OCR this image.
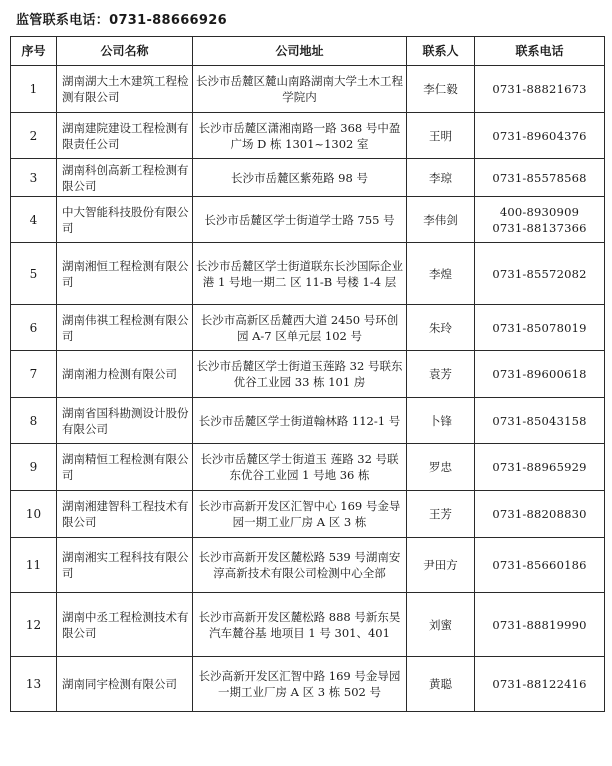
监管联系电话：0731-88666926
序号	公司名称	公司地址	联系人	联系电话
1	湖南湖大土木建筑工程检测有限公司	长沙市岳麓区麓山南路湖南大学土木工程学院内	李仁毅	0731-88821673

2	湖南建院建设工程检测有限责任公司	长沙市岳麓区潇湘南路一路 368 号中盈广场 D 栋 1301~1302 室	王明	0731-89604376

3	湖南科创高新工程检测有限公司	长沙市岳麓区紫苑路 98 号	李琼	0731-85578568

4	中大智能科技股份有限公司	长沙市岳麓区学士街道学士路 755 号	李伟剑	400-8930909
0731-88137366

5	湖南湘恒工程检测有限公司	长沙市岳麓区学士街道联东长沙国际企业港 1 号地一期二 区 11-B 号楼 1-4 层	李煌	0731-85572082

6	湖南伟祺工程检测有限公司	长沙市高新区岳麓西大道 2450 号环创园 A-7 区单元层 102 号	朱玲	0731-85078019

7	湖南湘力检测有限公司	长沙市岳麓区学士街道玉莲路 32 号联东优谷工业园 33 栋 101 房	袁芳	0731-89600618

8	湖南省国科勘测设计股份有限公司	长沙市岳麓区学士街道翰林路 112-1 号	卜锋	0731-85043158

9	湖南精恒工程检测有限公司	长沙市岳麓区学士街道玉 莲路 32 号联东优谷工业园 1 号地 36 栋	罗忠	0731-88965929

10	湖南湘建智科工程技术有限公司	长沙市高新开发区汇智中心 169 号金导园一期工业厂房 A 区 3 栋	王芳	0731-88208830

11	湖南湘实工程科技有限公司	长沙市高新开发区麓松路 539 号湖南安淳高新技术有限公司检测中心全部	尹田方	0731-85660186

12	湖南中丞工程检测技术有限公司	长沙市高新开发区麓松路 888 号新东昊汽车麓谷基 地项目 1 号 301、401	刘蜜	0731-88819990

13	湖南同宇检测有限公司	长沙高新开发区汇智中路 169 号金导园一期工业厂房 A 区 3 栋 502 号	黄聪	0731-88122416
